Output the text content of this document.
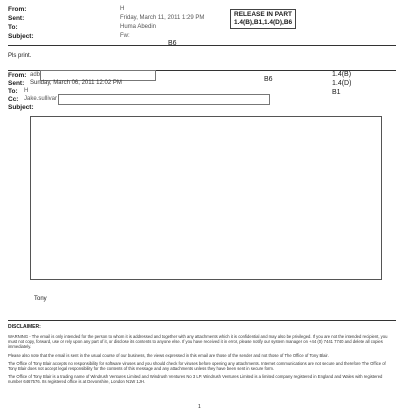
From:	H
Sent:	Friday, March 11, 2011 1:29 PM
To:	Huma Abedin
Subject:	Fw:
RELEASE IN PART
1.4(B),B1,1.4(D),B6
B6
Pls print.
From: adb
Sent: Sunday, March 06, 2011 12:02 PM
To: H
Cc: Jake.sullivar
Subject:
B6
1.4(B)
1.4(D)
B1
Tony
DISCLAIMER:
WARNING - The email is only intended for the person to whom it is addressed and together with any attachments which it is confidential and may also be privileged. If you are not the intended recipient, you must not copy, forward, use or rely upon any part of it, or disclose its contents to anyone else. If you have received it in error, please notify our system manager on +44 (0) 7441 7740 and delete all copies immediately.
Please also note that the email is sent in the usual course of our business, the views expressed in this email are those of the sender and not those of The Office of Tony Blair.
The Office of Tony Blair accepts no responsibility for software viruses and you should check for viruses before opening any attachments. Internet communications are not secure and therefore The Office of Tony Blair does not accept legal responsibility for the contents of this message and any attachments unless they have been sent in secure form.
The Office of Tony Blair is a trading name of Windrush Ventures Limited and Windrush Ventures No 3 LP. Windrush Ventures Limited is a limited company registered in England and Wales with registered number 6467576. Its registered office is at Devonshire, London N1W 1JH.
1
